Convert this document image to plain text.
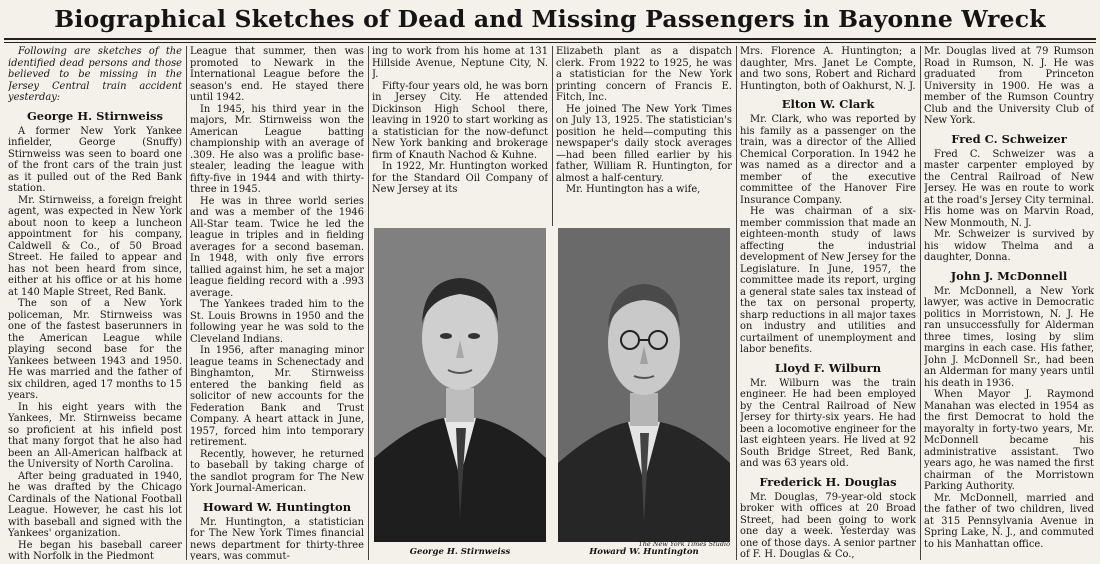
Biographical Sketches of Dead and Missing Passengers in Bayonne Wreck

Following are sketches of the identified dead persons and those believed to be missing in the Jersey Central train accident yesterday:

George H. Stirnweiss

A former New York Yankee infielder, George (Snuffy) Stirnweiss was seen to board one of the front cars of the train just as it pulled out of the Red Bank station.

Mr. Stirnweiss, a foreign freight agent, was expected in New York about noon to keep a luncheon appointment for his company, Caldwell & Co., of 50 Broad Street. He failed to appear and has not been heard from since, either at his office or at his home at 140 Maple Street, Red Bank.

The son of a New York policeman, Mr. Stirnweiss was one of the fastest baserunners in the American League while playing second base for the Yankees between 1943 and 1950. He was married and the father of six children, aged 17 months to 15 years.

In his eight years with the Yankees, Mr. Stirnweiss became so proficient at his infield post that many forgot that he also had been an All-American halfback at the University of North Carolina.

After being graduated in 1940, he was drafted by the Chicago Cardinals of the National Football League. However, he cast his lot with baseball and signed with the Yankees' organization.

He began his baseball career with Norfolk in the Piedmont

League that summer, then was promoted to Newark in the International League before the season's end. He stayed there until 1942.

In 1945, his third year in the majors, Mr. Stirnweiss won the American League batting championship with an average of .309. He also was a prolific base-stealer, leading the league with fifty-five in 1944 and with thirty-three in 1945.

He was in three world series and was a member of the 1946 All-Star team. Twice he led the league in triples and in fielding averages for a second baseman. In 1948, with only five errors tallied against him, he set a major league fielding record with a .993 average.

The Yankees traded him to the St. Louis Browns in 1950 and the following year he was sold to the Cleveland Indians.

In 1956, after managing minor league teams in Schenectady and Binghamton, Mr. Stirnweiss entered the banking field as solicitor of new accounts for the Federation Bank and Trust Company. A heart attack in June, 1957, forced him into temporary retirement.

Recently, however, he returned to baseball by taking charge of the sandlot program for The New York Journal-American.

Howard W. Huntington

Mr. Huntington, a statistician for The New York Times financial news department for thirty-three years, was commut-

ing to work from his home at 131 Hillside Avenue, Neptune City, N. J.

Fifty-four years old, he was born in Jersey City. He attended Dickinson High School there, leaving in 1920 to start working as a statistician for the now-defunct New York banking and brokerage firm of Knauth Nachod & Kuhne.

In 1922, Mr. Huntington worked for the Standard Oil Company of New Jersey at its

Elizabeth plant as a dispatch clerk. From 1922 to 1925, he was a statistician for the New York printing concern of Francis E. Fitch, Inc.

He joined The New York Times on July 13, 1925. The statistician's position he held—computing this newspaper's daily stock averages—had been filled earlier by his father, William R. Huntington, for almost a half-century.

Mr. Huntington has a wife,

George H. Stirnweiss
The New York Times Studio
Howard W. Huntington

Mrs. Florence A. Huntington; a daughter, Mrs. Janet Le Compte, and two sons, Robert and Richard Huntington, both of Oakhurst, N. J.

Elton W. Clark

Mr. Clark, who was reported by his family as a passenger on the train, was a director of the Allied Chemical Corporation. In 1942 he was named as a director and a member of the executive committee of the Hanover Fire Insurance Company.

He was chairman of a six-member commission that made an eighteen-month study of laws affecting the industrial development of New Jersey for the Legislature. In June, 1957, the committee made its report, urging a general state sales tax instead of the tax on personal property, sharp reductions in all major taxes on industry and utilities and curtailment of unemployment and labor benefits.

Lloyd F. Wilburn

Mr. Wilburn was the train engineer. He had been employed by the Central Railroad of New Jersey for thirty-six years. He had been a locomotive engineer for the last eighteen years. He lived at 92 South Bridge Street, Red Bank, and was 63 years old.

Frederick H. Douglas

Mr. Douglas, 79-year-old stock broker with offices at 20 Broad Street, had been going to work one day a week. Yesterday was one of those days. A senior partner of F. H. Douglas & Co.,

Mr. Douglas lived at 79 Rumson Road in Rumson, N. J. He was graduated from Princeton University in 1900. He was a member of the Rumson Country Club and the University Club of New York.

Fred C. Schweizer

Fred C. Schweizer was a master carpenter employed by the Central Railroad of New Jersey. He was en route to work at the road's Jersey City terminal. His home was on Marvin Road, New Monmouth, N. J.

Mr. Schweizer is survived by his widow Thelma and a daughter, Donna.

John J. McDonnell

Mr. McDonnell, a New York lawyer, was active in Democratic politics in Morristown, N. J. He ran unsuccessfully for Alderman three times, losing by slim margins in each case. His father, John J. McDonnell Sr., had been an Alderman for many years until his death in 1936.

When Mayor J. Raymond Manahan was elected in 1954 as the first Democrat to hold the mayoralty in forty-two years, Mr. McDonnell became his administrative assistant. Two years ago, he was named the first chairman of the Morristown Parking Authority.

Mr. McDonnell, married and the father of two children, lived at 315 Pennsylvania Avenue in Spring Lake, N. J., and commuted to his Manhattan office.
